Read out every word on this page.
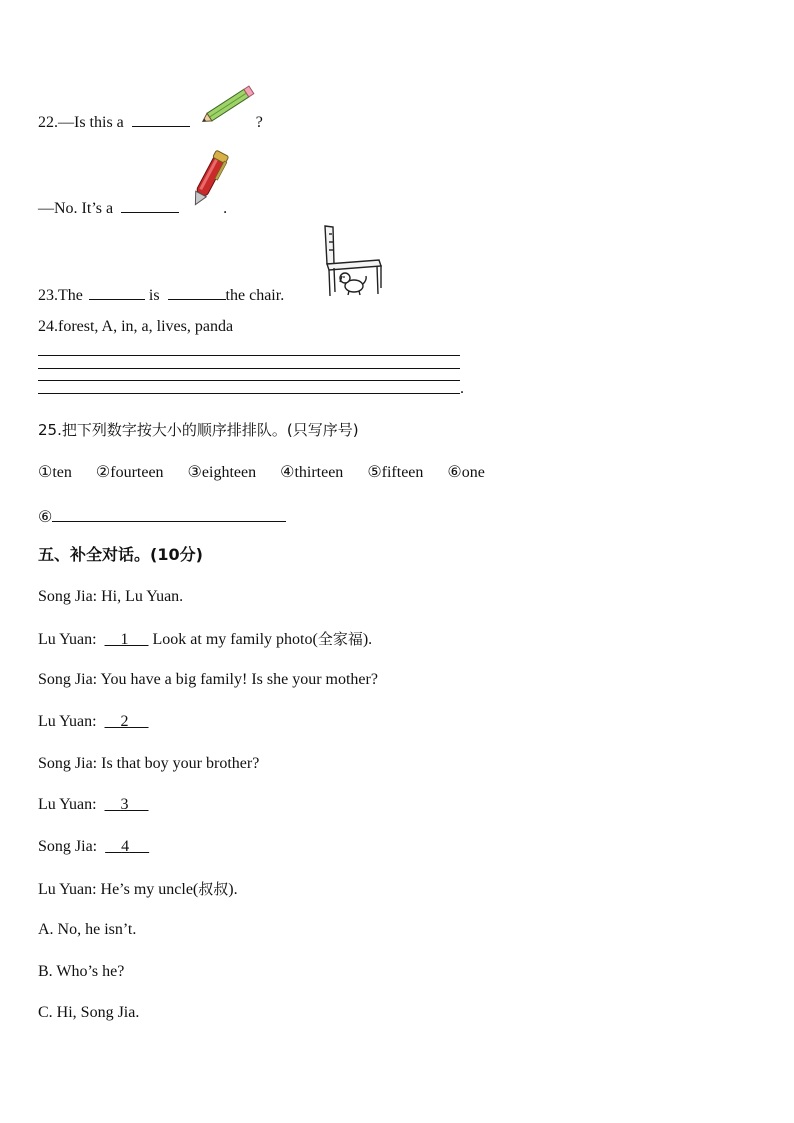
22.—Is this a	?
—No. It’s a	.
23.The	is	the chair.
24.forest, A, in, a, lives, panda
.
25.把下列数字按大小的顺序排排队。(只写序号)
①ten ②fourteen ③eighteen ④thirteen ⑤fifteen ⑥one
⑥
五、补全对话。(10分)
Song Jia: Hi, Lu Yuan.
Lu Yuan: 1 Look at my family photo(全家福).
Song Jia: You have a big family! Is she your mother?
Lu Yuan: 2
Song Jia: Is that boy your brother?
Lu Yuan: 3
Song Jia: 4
Lu Yuan: He’s my uncle(叔叔).
A. No, he isn’t.
B. Who’s he?
C. Hi, Song Jia.
